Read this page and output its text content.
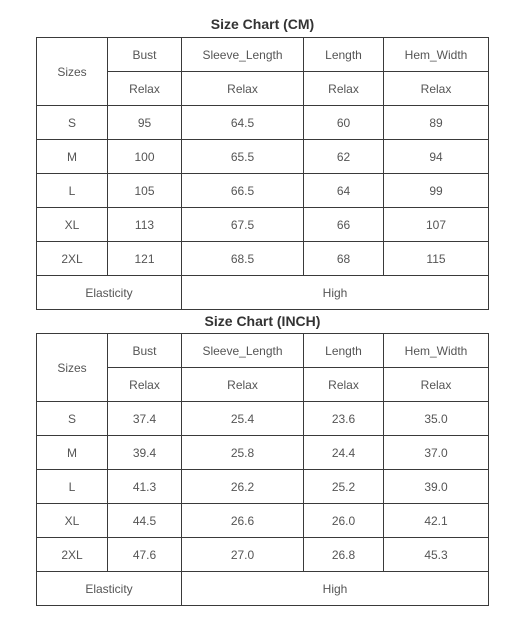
Size Chart (CM)
Sizes	Bust	Sleeve_Length	Length	Hem_Width
	Relax	Relax	Relax	Relax
S	95	64.5	60	89
M	100	65.5	62	94
L	105	66.5	64	99
XL	113	67.5	66	107
2XL	121	68.5	68	115
Elasticity		High		
Size Chart (INCH)
Sizes	Bust	Sleeve_Length	Length	Hem_Width
	Relax	Relax	Relax	Relax
S	37.4	25.4	23.6	35.0
M	39.4	25.8	24.4	37.0
L	41.3	26.2	25.2	39.0
XL	44.5	26.6	26.0	42.1
2XL	47.6	27.0	26.8	45.3
Elasticity		High		
